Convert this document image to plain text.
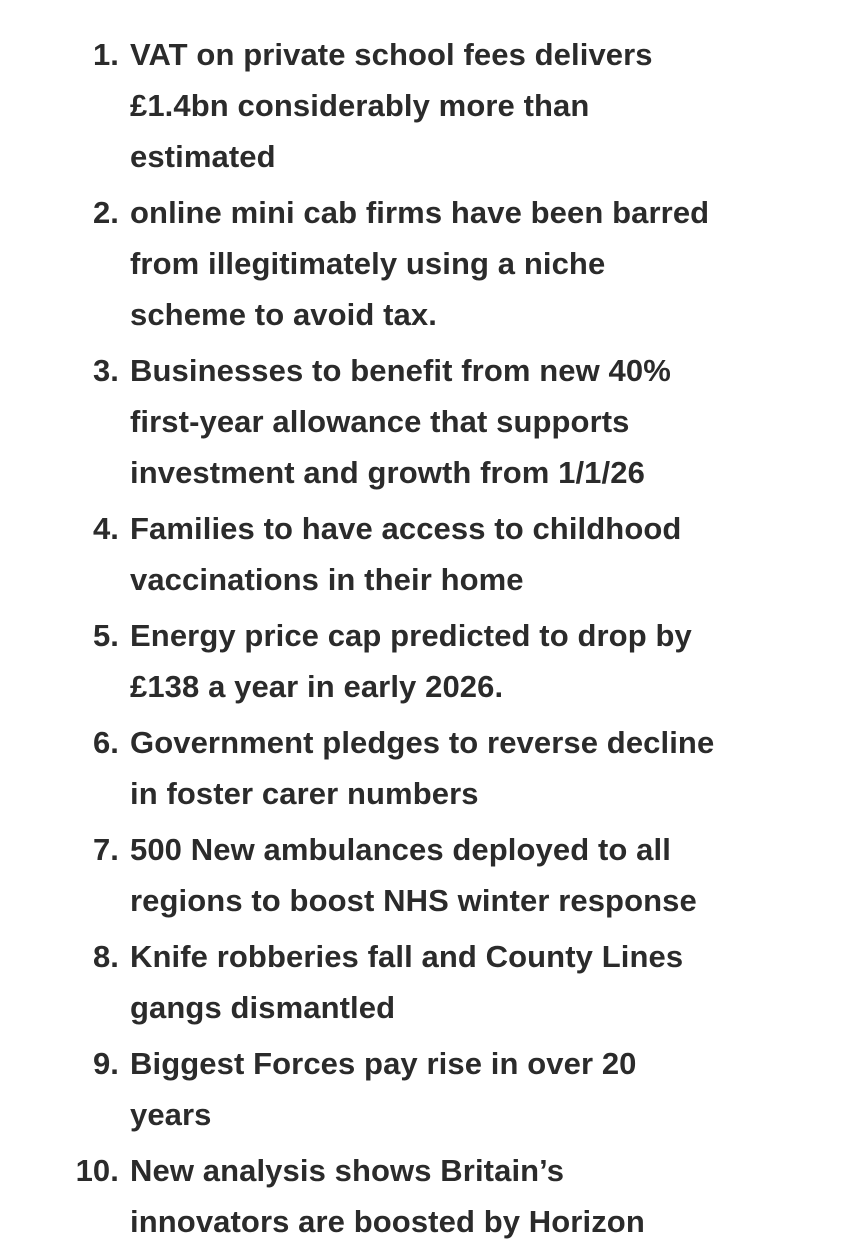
1. VAT on private school fees delivers
£1.4bn considerably more than
estimated
2. online mini cab firms have been barred
from illegitimately using a niche
scheme to avoid tax.
3. Businesses to benefit from new 40%
first-year allowance that supports
investment and growth from 1/1/26
4. Families to have access to childhood
vaccinations in their home
5. Energy price cap predicted to drop by
£138 a year in early 2026.
6. Government pledges to reverse decline
in foster carer numbers
7. 500 New ambulances deployed to all
regions to boost NHS winter response
8. Knife robberies fall and County Lines
gangs dismantled
9. Biggest Forces pay rise in over 20
years
10. New analysis shows Britain’s
innovators are boosted by Horizon
